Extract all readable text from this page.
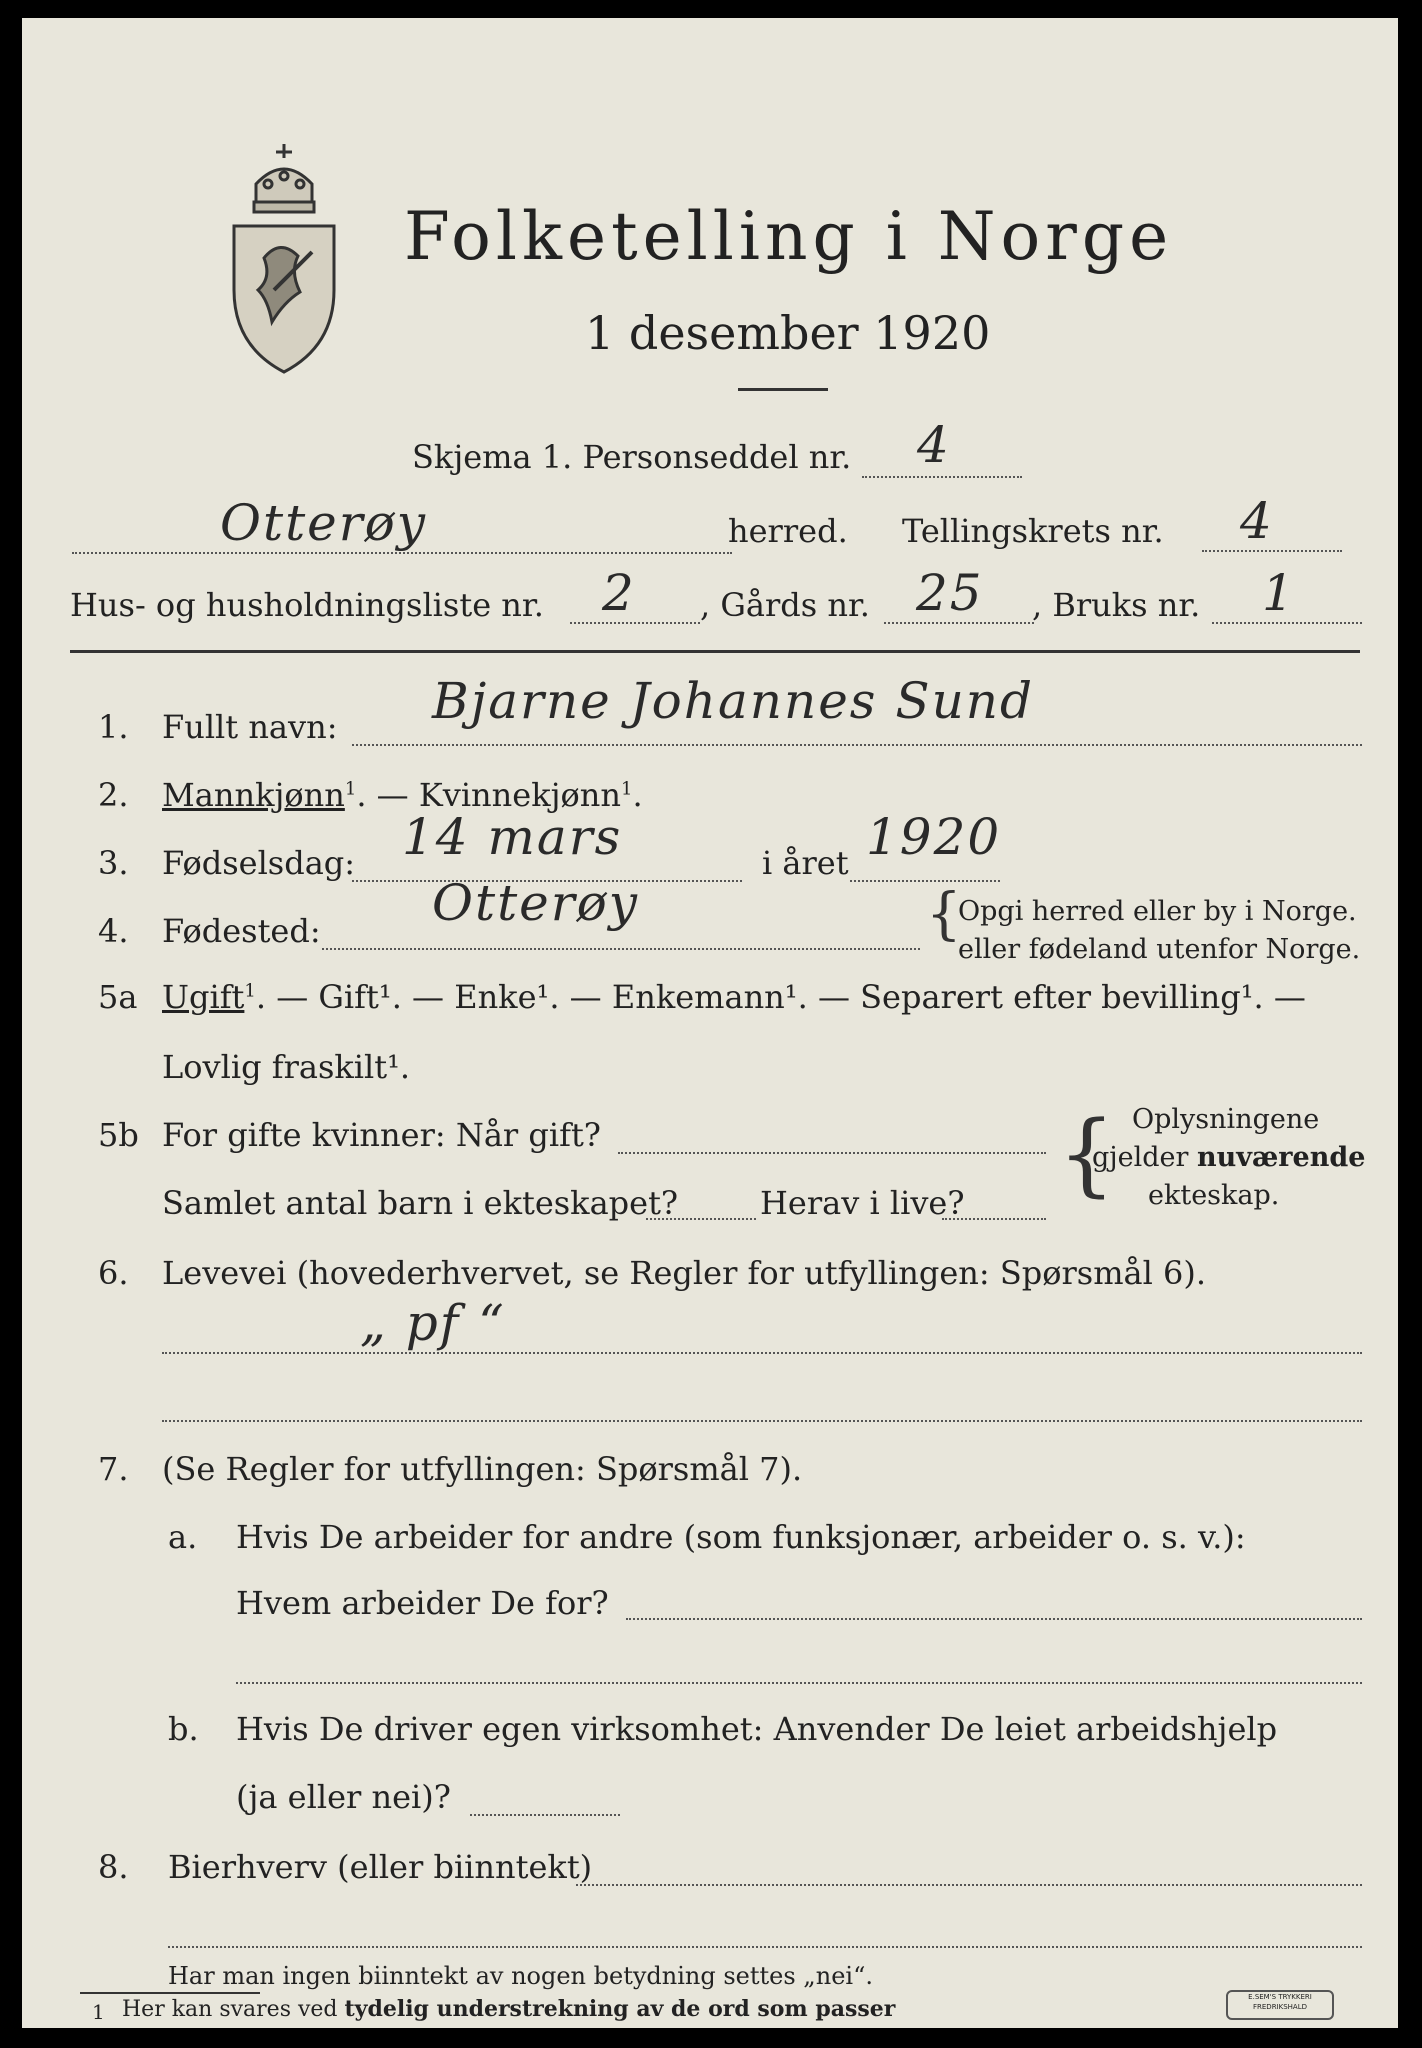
Folketelling i Norge
1 desember 1920
Skjema 1. Personseddel nr. 4
Otterøy	herred. Tellingskrets nr. 4
Hus- og husholdningsliste nr. 2 , Gårds nr. 25 , Bruks nr. 1
1. Fullt navn: Bjarne Johannes Sund
2. Mannkjønn$^1$. — Kvinnekjønn$^1$.
3. Fødselsdag: 14 mars	i året 1920
4. Fødested: Otterøy	{
Opgi herred eller by i Norge.
eller fødeland utenfor Norge.
5a Ugift$^1$. — Gift¹. — Enke¹. — Enkemann¹. — Separert efter bevilling¹. —
Lovlig fraskilt¹.
5b For gifte kvinner: Når gift?
Samlet antal barn i ekteskapet?	Herav i live? { Oplysningene
gjelder nuværende
ekteskap.
6. Levevei (hovederhvervet, se Regler for utfyllingen: Spørsmål 6).
„ pf “
7. (Se Regler for utfyllingen: Spørsmål 7).
a. Hvis De arbeider for andre (som funksjonær, arbeider o. s. v.):
Hvem arbeider De for?
b. Hvis De driver egen virksomhet: Anvender De leiet arbeidshjelp
(ja eller nei)?
8. Bierhverv (eller biinntekt)
Har man ingen biinntekt av nogen betydning settes „nei“.
1 Her kan svares ved tydelig understrekning av de ord som passer	E.SEM'S TRYKKERI
FREDRIKSHALD
